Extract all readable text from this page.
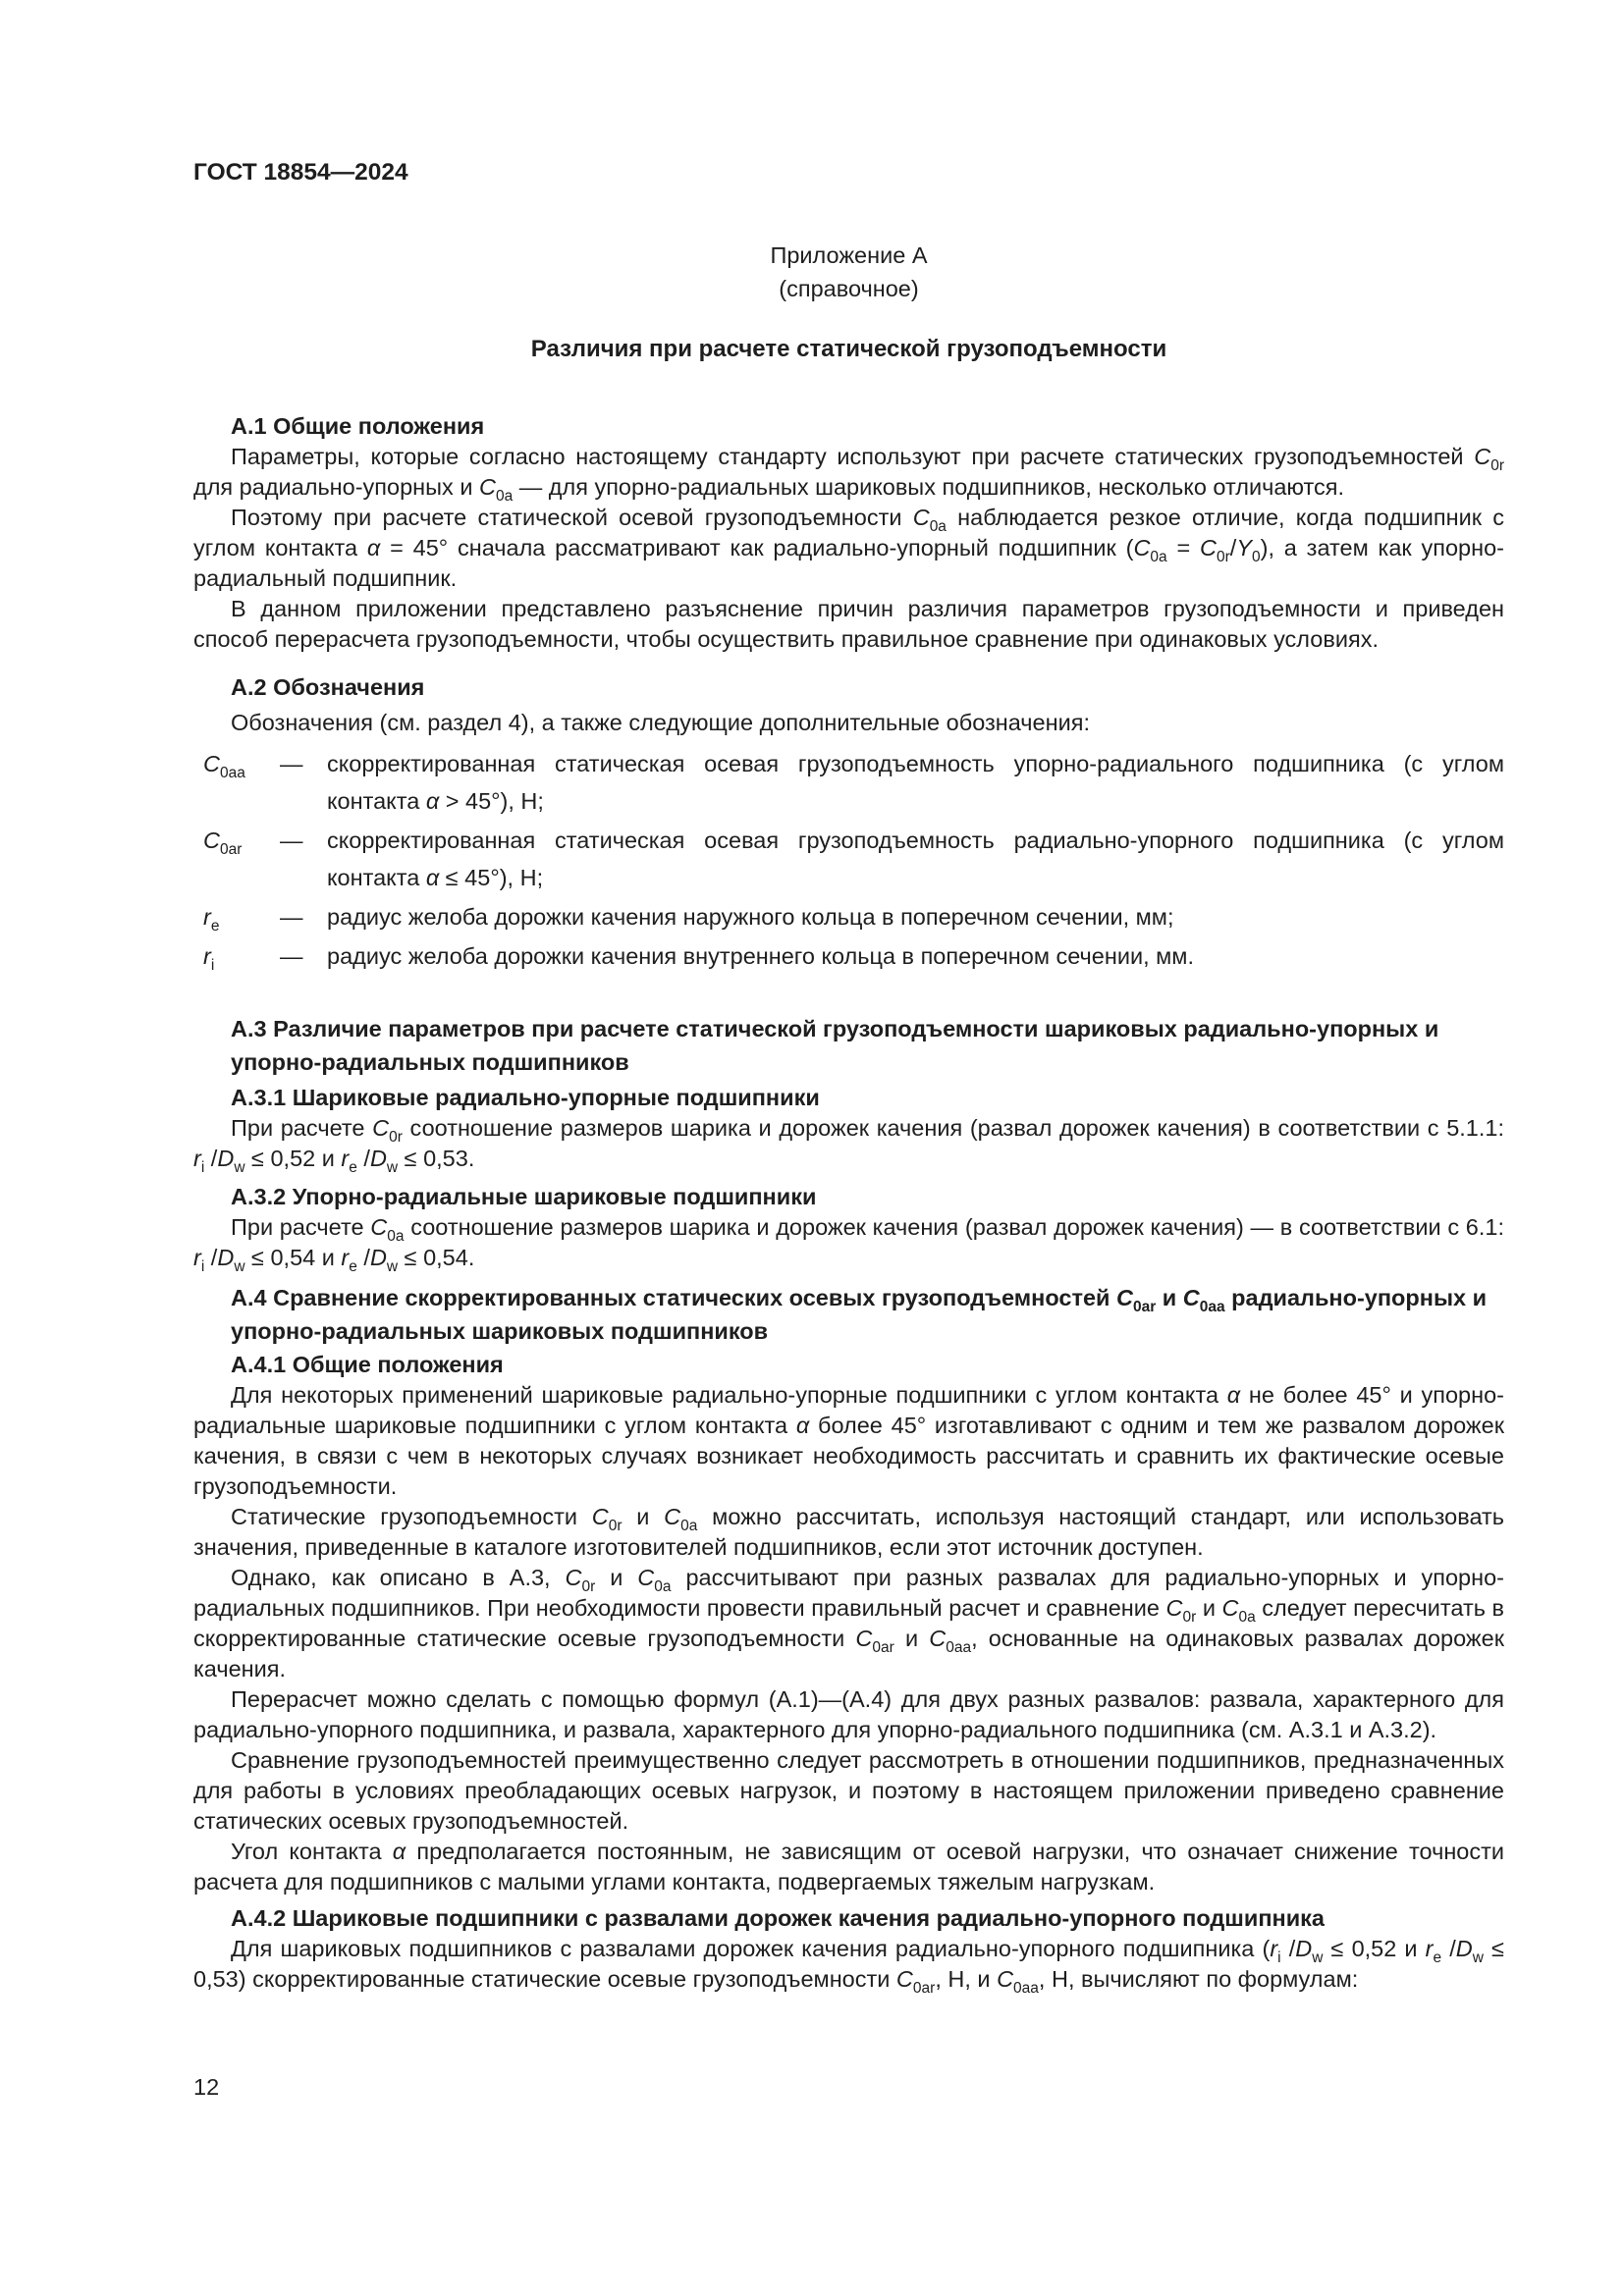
ГОСТ 18854—2024
Приложение А
(справочное)
Различия при расчете статической грузоподъемности
А.1 Общие положения

Параметры, которые согласно настоящему стандарту используют при расчете статических грузоподъемностей $C_{0r}$ для радиально-упорных и $C_{0a}$ — для упорно-радиальных шариковых подшипников, несколько отличаются.

Поэтому при расчете статической осевой грузоподъемности $C_{0a}$ наблюдается резкое отличие, когда подшипник с углом контакта α = 45° сначала рассматривают как радиально-упорный подшипник $(C_{0a} = C_{0r}/Y_0)$, а затем как упорно-радиальный подшипник.

В данном приложении представлено разъяснение причин различия параметров грузоподъемности и приведен способ перерасчета грузоподъемности, чтобы осуществить правильное сравнение при одинаковых условиях.

А.2 Обозначения

Обозначения (см. раздел 4), а также следующие дополнительные обозначения:

$C_{0aa}$	—	скорректированная статическая осевая грузоподъемность упорно-радиального подшипника (с углом контакта α > 45°), Н;
$C_{0ar}$	—	скорректированная статическая осевая грузоподъемность радиально-упорного подшипника (с углом контакта α ≤ 45°), Н;
$r_e$	—	радиус желоба дорожки качения наружного кольца в поперечном сечении, мм;
$r_i$	—	радиус желоба дорожки качения внутреннего кольца в поперечном сечении, мм.
А.3 Различие параметров при расчете статической грузоподъемности шариковых радиально-упорных и упорно-радиальных подшипников
А.3.1 Шариковые радиально-упорные подшипники

При расчете $C_{0r}$ соотношение размеров шарика и дорожек качения (развал дорожек качения) в соответствии с 5.1.1: $r_i$ $/D_w \le 0,52$ и $r_e$ $/D_w \le 0,53$.

А.3.2 Упорно-радиальные шариковые подшипники

При расчете $C_{0a}$ соотношение размеров шарика и дорожек качения (развал дорожек качения) — в соответствии с 6.1: $r_i$ $/D_w \le 0,54$ и $r_e$ $/D_w \le 0,54$.

А.4 Сравнение скорректированных статических осевых грузоподъемностей $C_{0ar}$ и $C_{0aa}$ радиально-упорных и упорно-радиальных шариковых подшипников
А.4.1 Общие положения

Для некоторых применений шариковые радиально-упорные подшипники с углом контакта α не более 45° и упорно-радиальные шариковые подшипники с углом контакта α более 45° изготавливают с одним и тем же развалом дорожек качения, в связи с чем в некоторых случаях возникает необходимость рассчитать и сравнить их фактические осевые грузоподъемности.

Статические грузоподъемности $C_{0r}$ и $C_{0a}$ можно рассчитать, используя настоящий стандарт, или использовать значения, приведенные в каталоге изготовителей подшипников, если этот источник доступен.

Однако, как описано в А.3, $C_{0r}$ и $C_{0a}$ рассчитывают при разных развалах для радиально-упорных и упорно-радиальных подшипников. При необходимости провести правильный расчет и сравнение $C_{0r}$ и $C_{0a}$ следует пересчитать в скорректированные статические осевые грузоподъемности $C_{0ar}$ и $C_{0aa}$, основанные на одинаковых развалах дорожек качения.

Перерасчет можно сделать с помощью формул (А.1)—(А.4) для двух разных развалов: развала, характерного для радиально-упорного подшипника, и развала, характерного для упорно-радиального подшипника (см. А.3.1 и А.3.2).

Сравнение грузоподъемностей преимущественно следует рассмотреть в отношении подшипников, предназначенных для работы в условиях преобладающих осевых нагрузок, и поэтому в настоящем приложении приведено сравнение статических осевых грузоподъемностей.

Угол контакта α предполагается постоянным, не зависящим от осевой нагрузки, что означает снижение точности расчета для подшипников с малыми углами контакта, подвергаемых тяжелым нагрузкам.

А.4.2 Шариковые подшипники с развалами дорожек качения радиально-упорного подшипника

Для шариковых подшипников с развалами дорожек качения радиально-упорного подшипника ($r_i$ $/D_w \le 0,52$ и $r_e$ $/D_w \le 0,53$) скорректированные статические осевые грузоподъемности $C_{0ar}$, Н, и $C_{0aa}$, Н, вычисляют по формулам:

12
